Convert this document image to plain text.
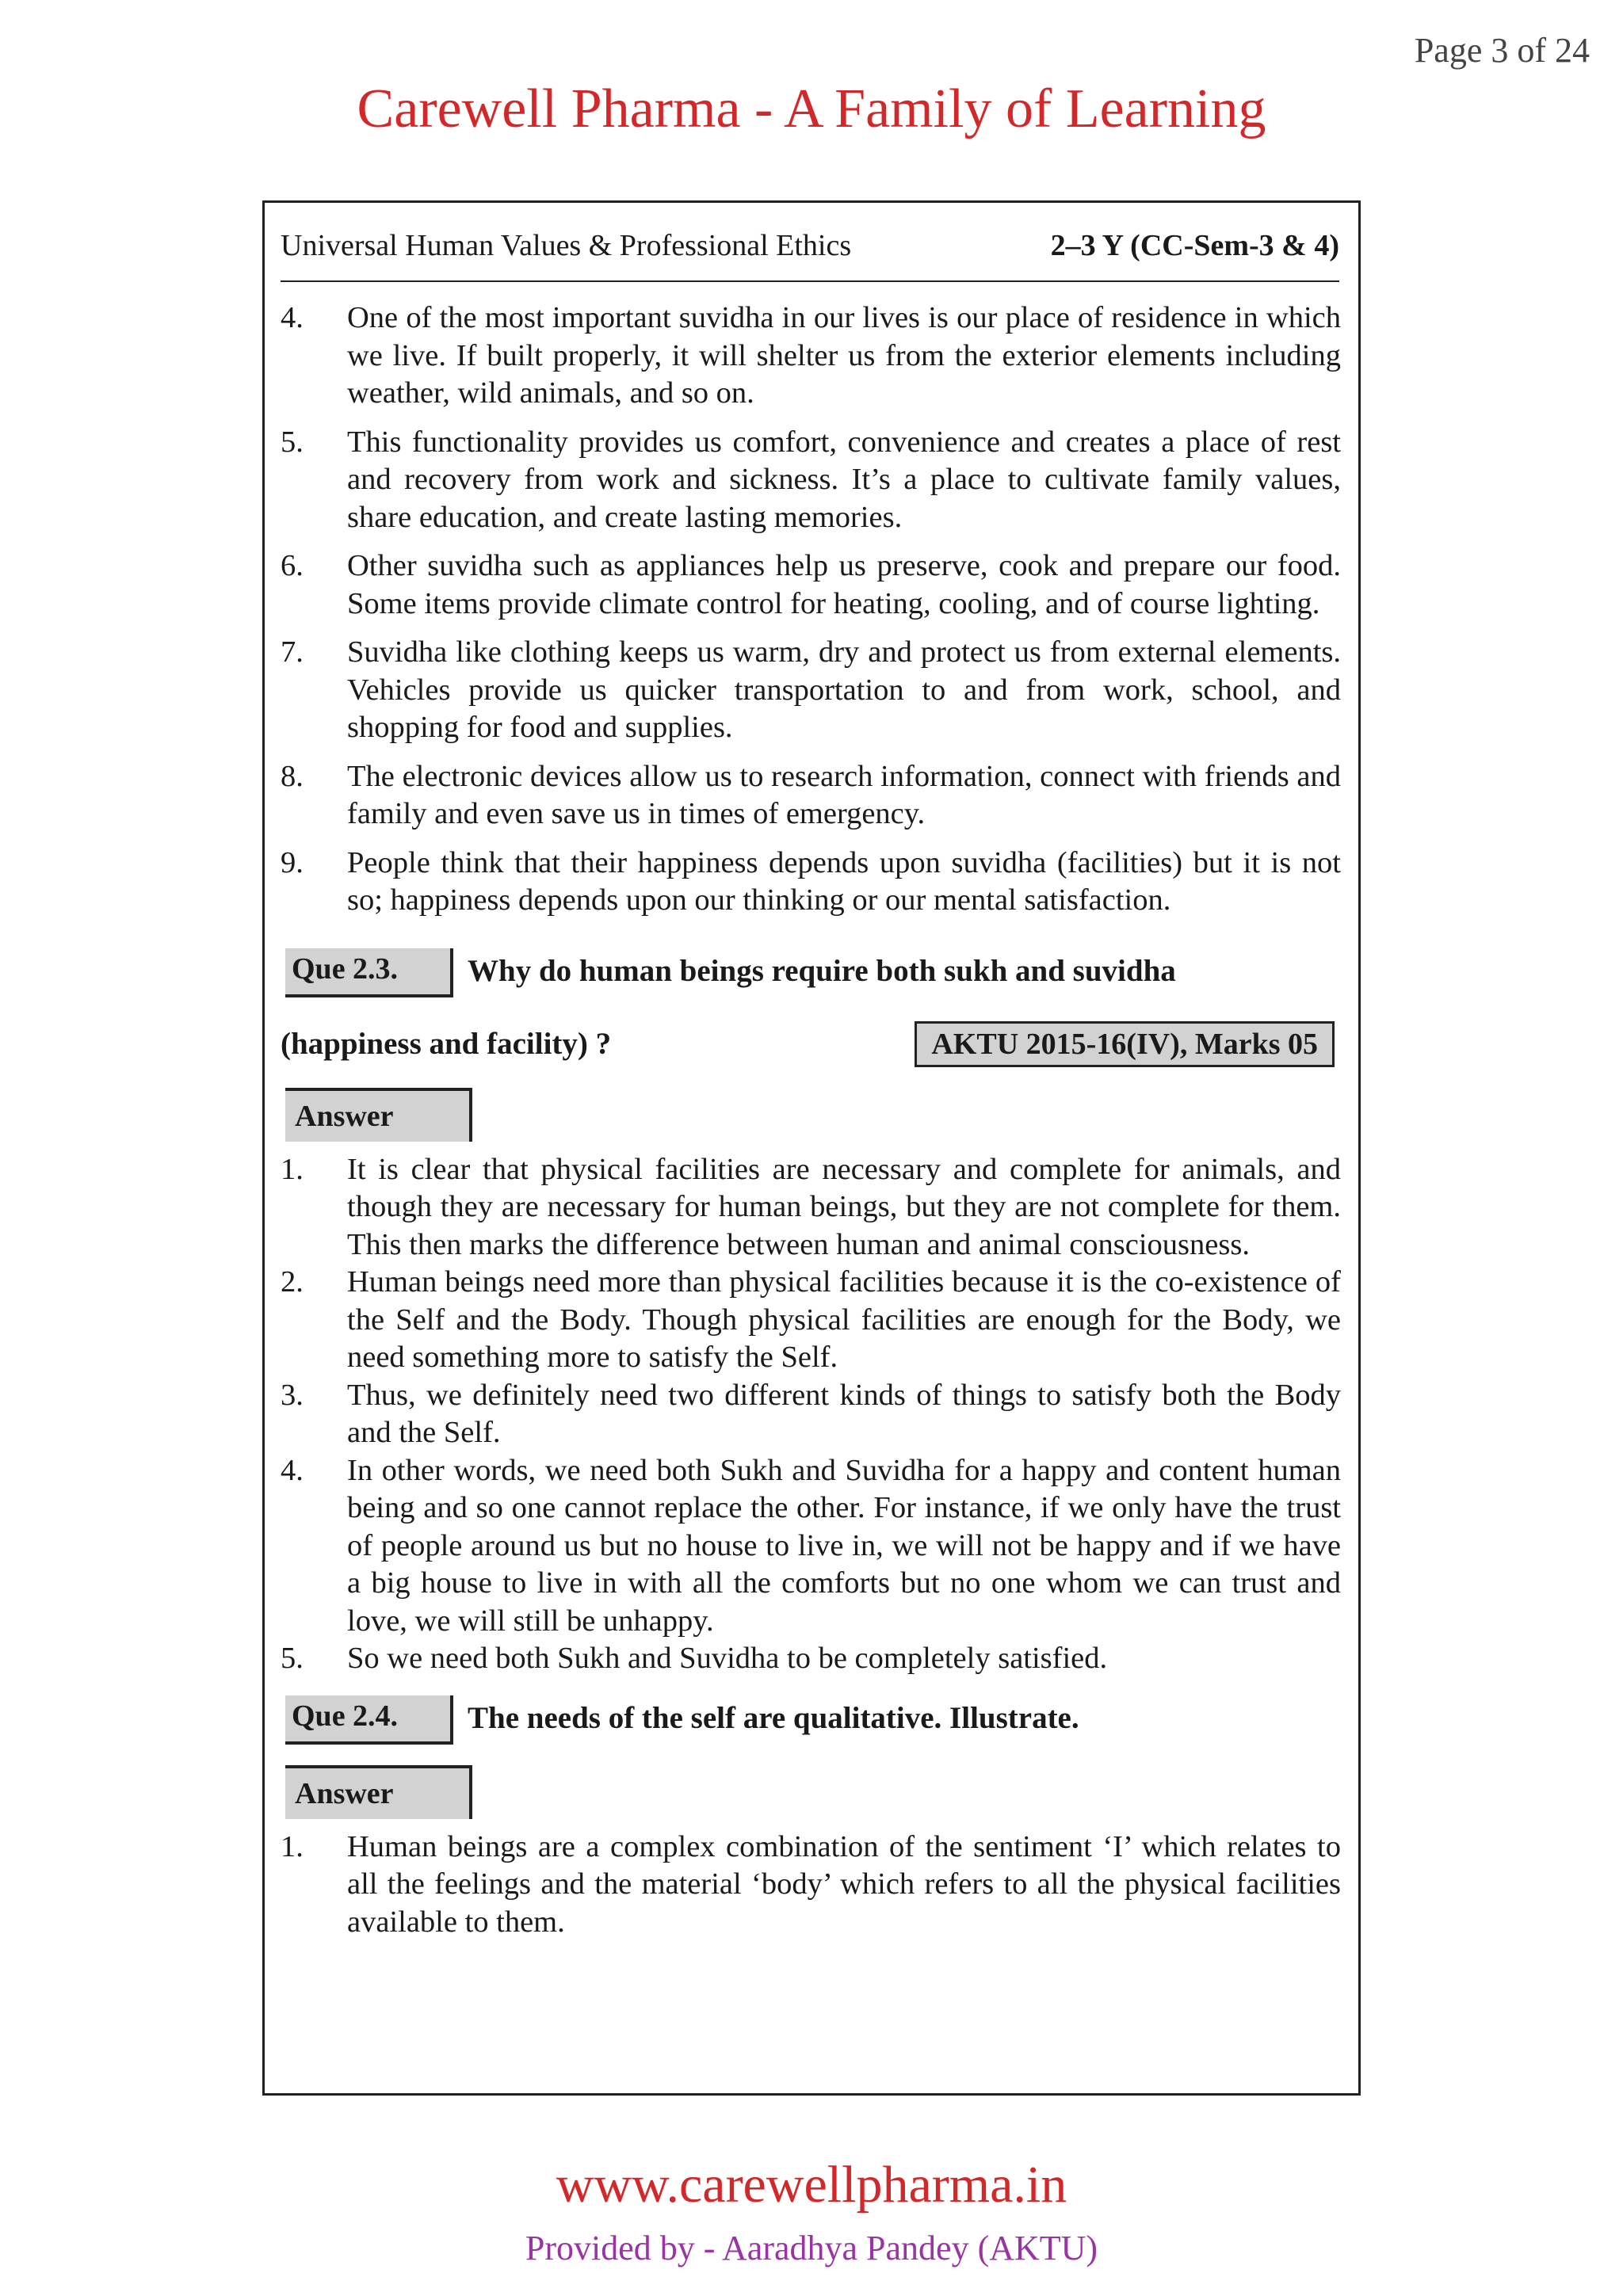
Page 3 of 24
Carewell Pharma - A Family of Learning
Universal Human Values & Professional Ethics	2–3 Y (CC-Sem-3 & 4)
4.	One of the most important suvidha in our lives is our place of residence in which we live. If built properly, it will shelter us from the exterior elements including weather, wild animals, and so on.
5.	This functionality provides us comfort, convenience and creates a place of rest and recovery from work and sickness. It’s a place to cultivate family values, share education, and create lasting memories.
6.	Other suvidha such as appliances help us preserve, cook and prepare our food. Some items provide climate control for heating, cooling, and of course lighting.
7.	Suvidha like clothing keeps us warm, dry and protect us from external elements. Vehicles provide us quicker transportation to and from work, school, and shopping for food and supplies.
8.	The electronic devices allow us to research information, connect with friends and family and even save us in times of emergency.
9.	People think that their happiness depends upon suvidha (facilities) but it is not so; happiness depends upon our thinking or our mental satisfaction.
Que 2.3.	Why do human beings require both sukh and suvidha
(happiness and facility) ?	AKTU 2015-16(IV), Marks 05
Answer
1.	It is clear that physical facilities are necessary and complete for animals, and though they are necessary for human beings, but they are not complete for them. This then marks the difference between human and animal consciousness.
2.	Human beings need more than physical facilities because it is the co-existence of the Self and the Body. Though physical facilities are enough for the Body, we need something more to satisfy the Self.
3.	Thus, we definitely need two different kinds of things to satisfy both the Body and the Self.
4.	In other words, we need both Sukh and Suvidha for a happy and content human being and so one cannot replace the other. For instance, if we only have the trust of people around us but no house to live in, we will not be happy and if we have a big house to live in with all the comforts but no one whom we can trust and love, we will still be unhappy.
5.	So we need both Sukh and Suvidha to be completely satisfied.
Que 2.4.	The needs of the self are qualitative. Illustrate.
Answer
1.	Human beings are a complex combination of the sentiment ‘I’ which relates to all the feelings and the material ‘body’ which refers to all the physical facilities available to them.
www.carewellpharma.in
Provided by - Aaradhya Pandey (AKTU)
